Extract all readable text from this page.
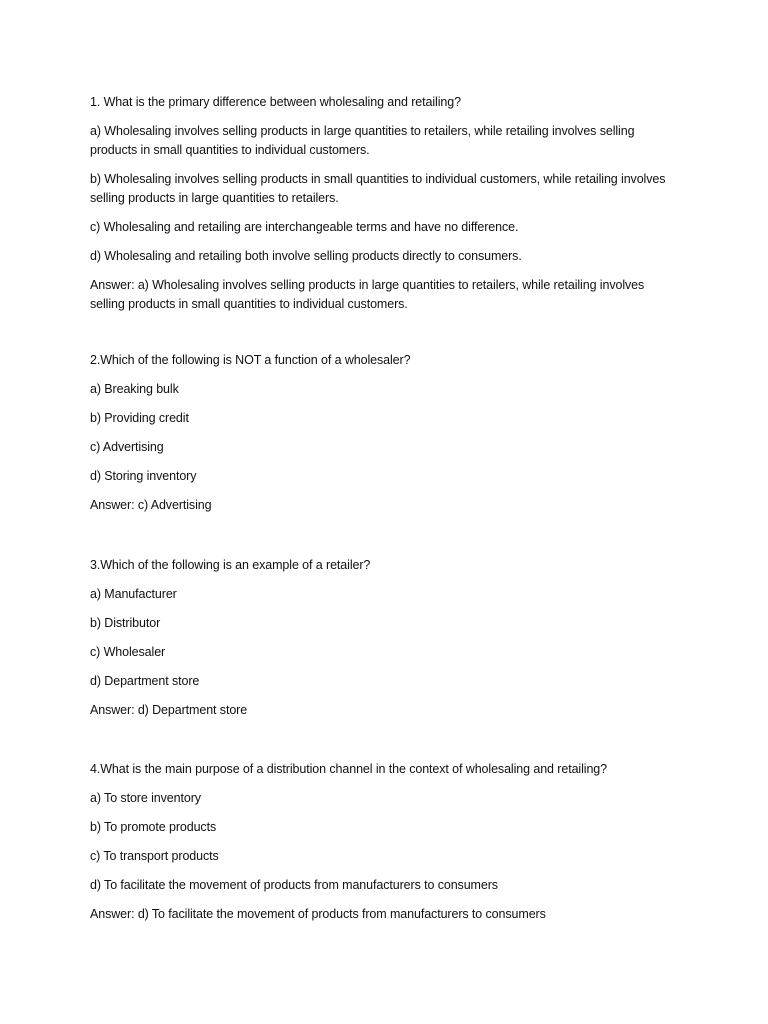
1. What is the primary difference between wholesaling and retailing?

a) Wholesaling involves selling products in large quantities to retailers, while retailing involves selling products in small quantities to individual customers.

b) Wholesaling involves selling products in small quantities to individual customers, while retailing involves selling products in large quantities to retailers.

c) Wholesaling and retailing are interchangeable terms and have no difference.

d) Wholesaling and retailing both involve selling products directly to consumers.

Answer: a) Wholesaling involves selling products in large quantities to retailers, while retailing involves selling products in small quantities to individual customers.

2.Which of the following is NOT a function of a wholesaler?

a) Breaking bulk

b) Providing credit

c) Advertising

d) Storing inventory

Answer: c) Advertising

3.Which of the following is an example of a retailer?

a) Manufacturer

b) Distributor

c) Wholesaler

d) Department store

Answer: d) Department store

4.What is the main purpose of a distribution channel in the context of wholesaling and retailing?

a) To store inventory

b) To promote products

c) To transport products

d) To facilitate the movement of products from manufacturers to consumers

Answer: d) To facilitate the movement of products from manufacturers to consumers
